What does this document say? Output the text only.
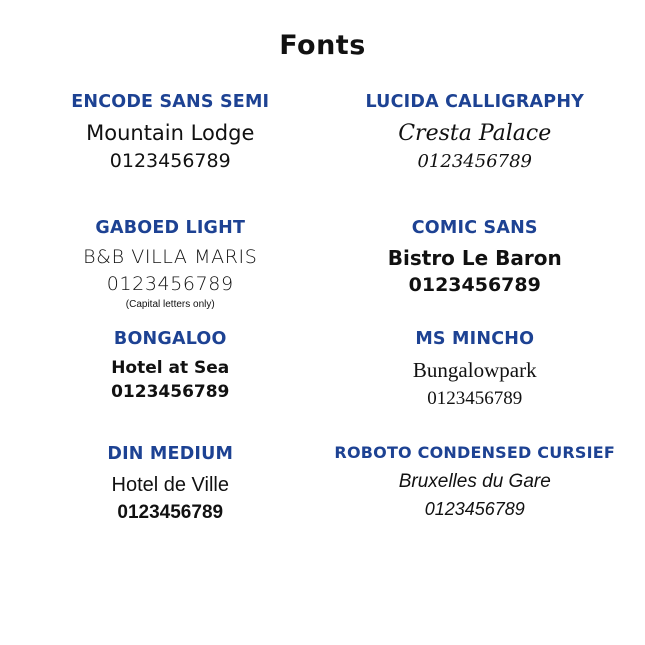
Fonts
ENCODE SANS SEMI
Mountain Lodge
0123456789
LUCIDA CALLIGRAPHY
Cresta Palace
0123456789
GABOED LIGHT
B&B VILLA MARIS
0123456789
(Capital letters only)
COMIC SANS
Bistro Le Baron
0123456789
BONGALOO
Hotel at Sea
0123456789
MS MINCHO
Bungalowpark
0123456789
DIN MEDIUM
Hotel de Ville
0123456789
ROBOTO CONDENSED CURSIEF
Bruxelles du Gare
0123456789
